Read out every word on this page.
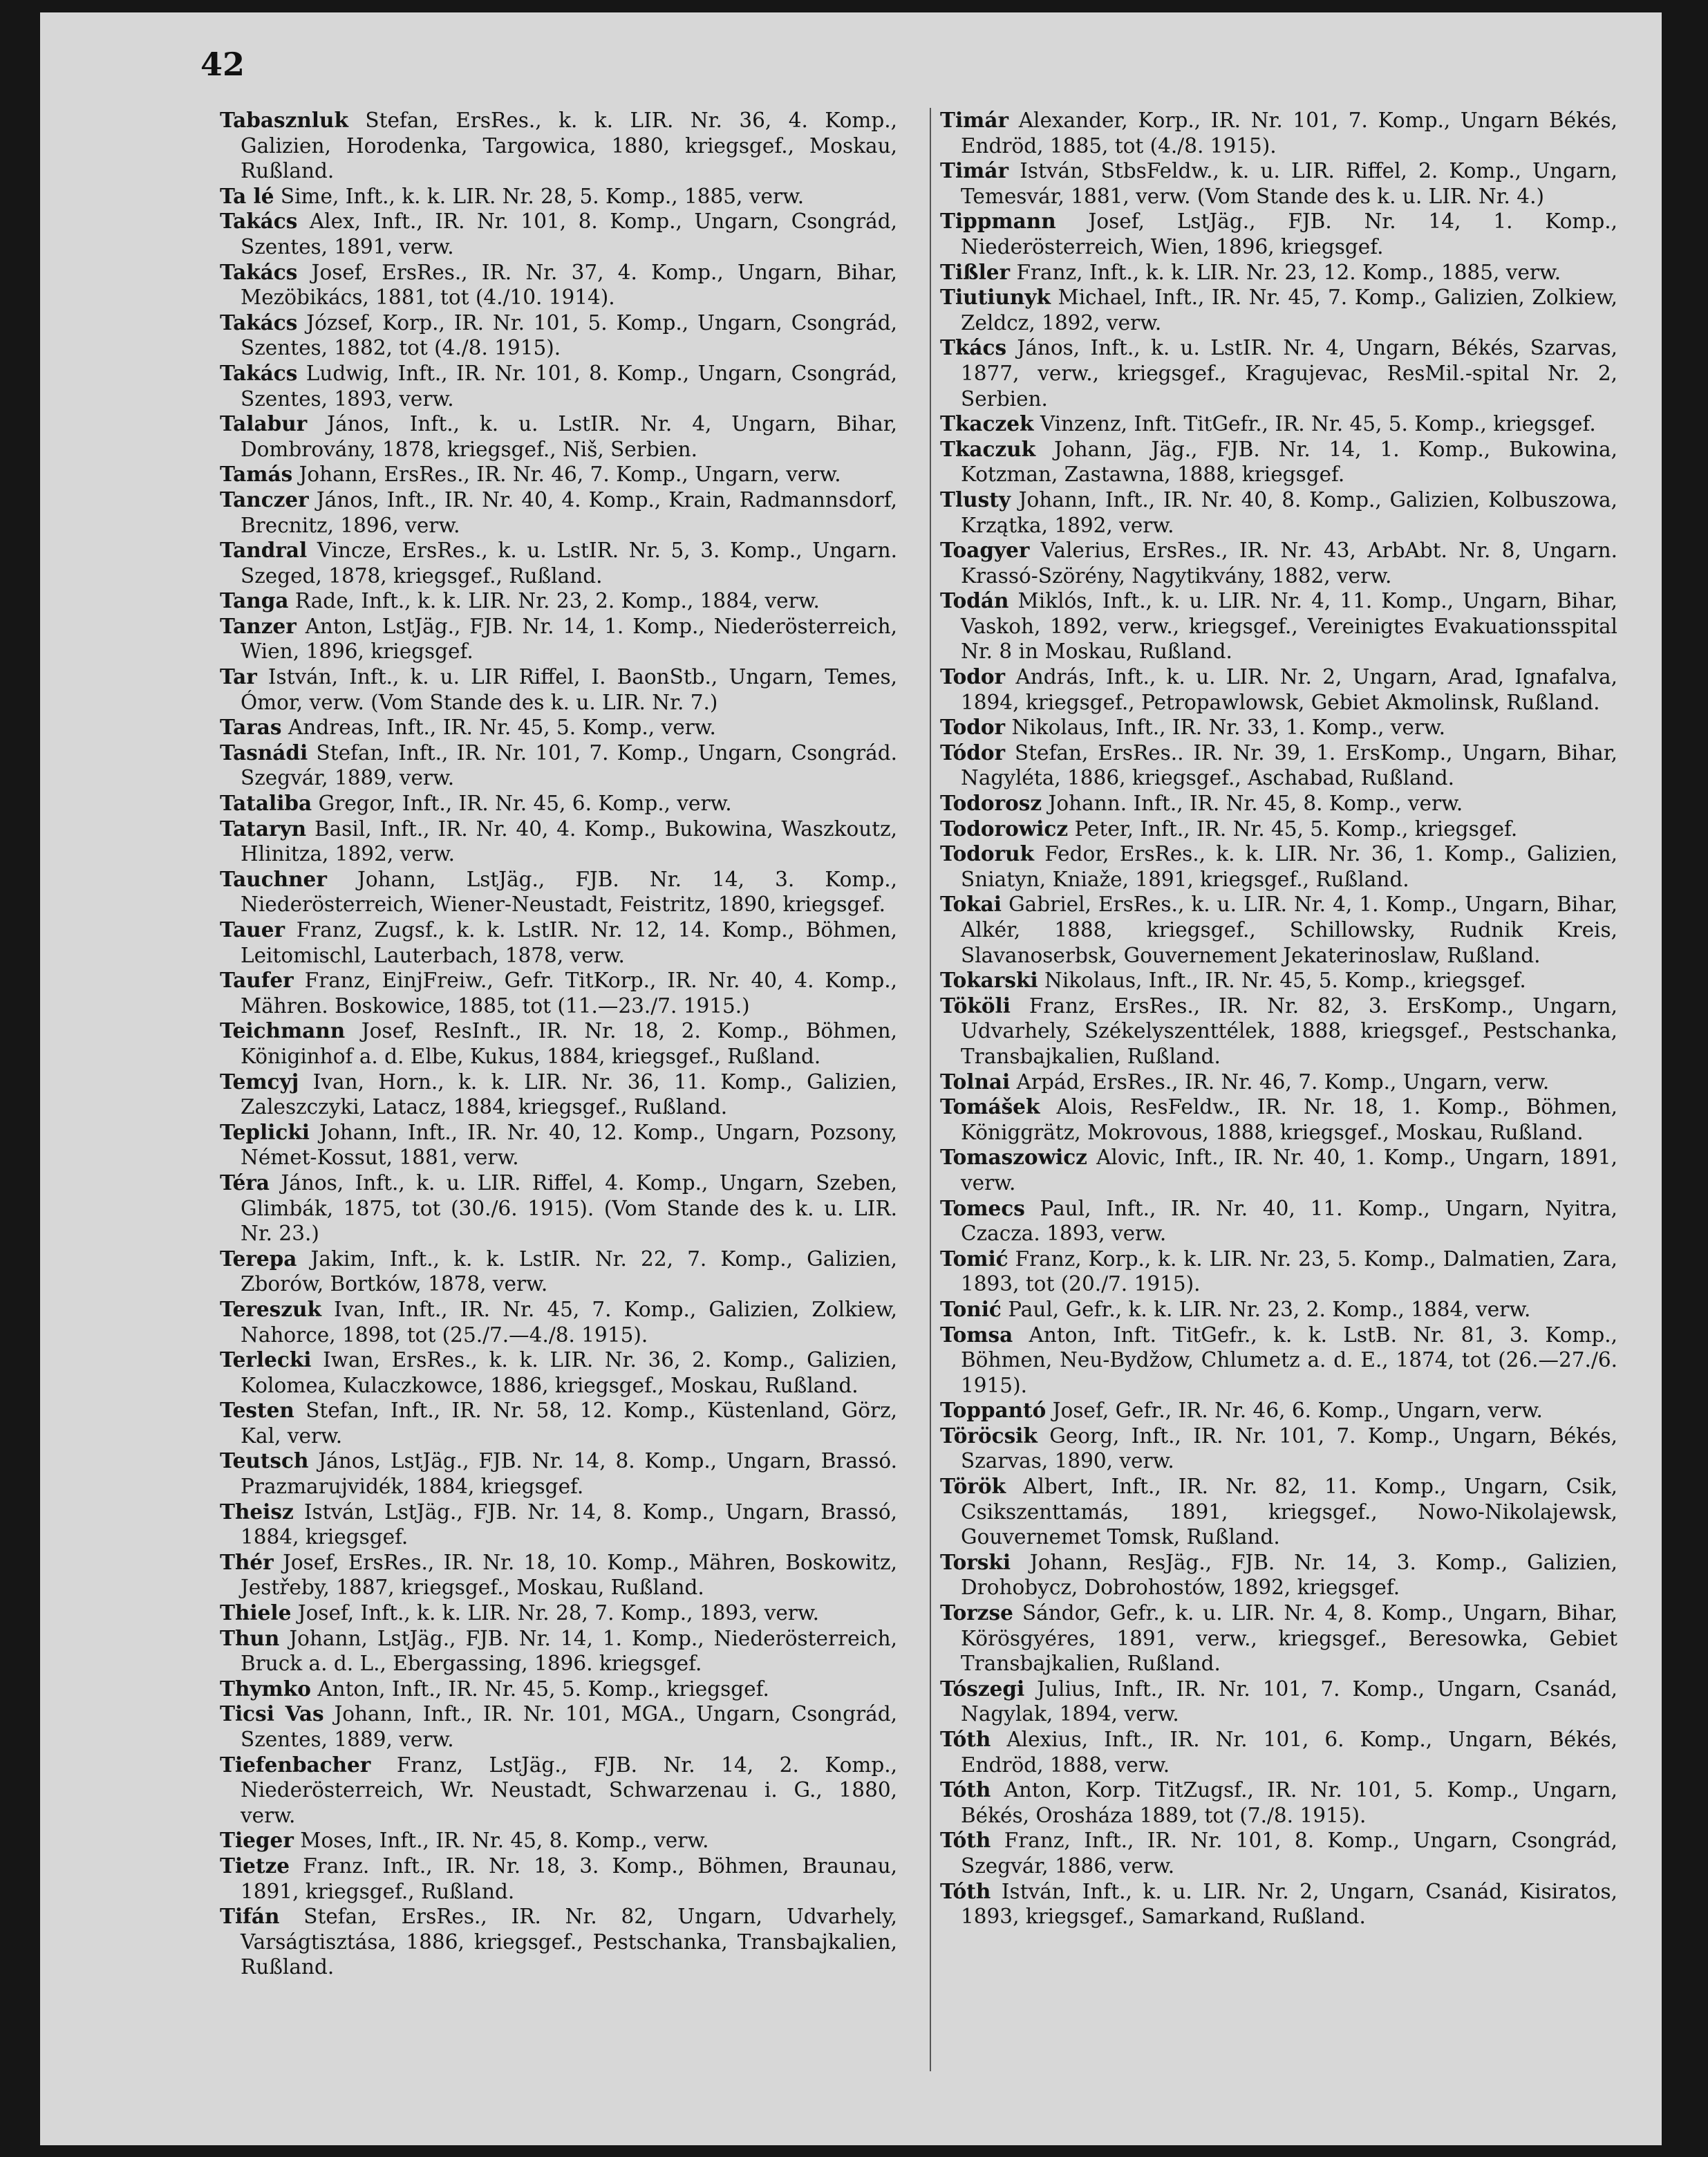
42

Tabasznluk Stefan, ErsRes., k. k. LIR. Nr. 36, 4. Komp., Galizien, Horodenka, Targowica, 1880, kriegsgef., Moskau, Rußland.

Ta lé Sime, Inft., k. k. LIR. Nr. 28, 5. Komp., 1885, verw.

Takács Alex, Inft., IR. Nr. 101, 8. Komp., Ungarn, Csongrád, Szentes, 1891, verw.

Takács Josef, ErsRes., IR. Nr. 37, 4. Komp., Ungarn, Bihar, Mezöbikács, 1881, tot (4./10. 1914).

Takács József, Korp., IR. Nr. 101, 5. Komp., Ungarn, Csongrád, Szentes, 1882, tot (4./8. 1915).

Takács Ludwig, Inft., IR. Nr. 101, 8. Komp., Ungarn, Csongrád, Szentes, 1893, verw.

Talabur János, Inft., k. u. LstIR. Nr. 4, Ungarn, Bihar, Dombrovány, 1878, kriegsgef., Niš, Serbien.

Tamás Johann, ErsRes., IR. Nr. 46, 7. Komp., Ungarn, verw.

Tanczer János, Inft., IR. Nr. 40, 4. Komp., Krain, Radmannsdorf, Brecnitz, 1896, verw.

Tandral Vincze, ErsRes., k. u. LstIR. Nr. 5, 3. Komp., Ungarn. Szeged, 1878, kriegsgef., Rußland.

Tanga Rade, Inft., k. k. LIR. Nr. 23, 2. Komp., 1884, verw.

Tanzer Anton, LstJäg., FJB. Nr. 14, 1. Komp., Niederösterreich, Wien, 1896, kriegsgef.

Tar István, Inft., k. u. LIR Riffel, I. BaonStb., Ungarn, Temes, Ómor, verw. (Vom Stande des k. u. LIR. Nr. 7.)

Taras Andreas, Inft., IR. Nr. 45, 5. Komp., verw.

Tasnádi Stefan, Inft., IR. Nr. 101, 7. Komp., Ungarn, Csongrád. Szegvár, 1889, verw.

Tataliba Gregor, Inft., IR. Nr. 45, 6. Komp., verw.

Tataryn Basil, Inft., IR. Nr. 40, 4. Komp., Bukowina, Waszkoutz, Hlinitza, 1892, verw.

Tauchner Johann, LstJäg., FJB. Nr. 14, 3. Komp., Niederösterreich, Wiener-Neustadt, Feistritz, 1890, kriegsgef.

Tauer Franz, Zugsf., k. k. LstIR. Nr. 12, 14. Komp., Böhmen, Leitomischl, Lauterbach, 1878, verw.

Taufer Franz, EinjFreiw., Gefr. TitKorp., IR. Nr. 40, 4. Komp., Mähren. Boskowice, 1885, tot (11.—23./7. 1915.)

Teichmann Josef, ResInft., IR. Nr. 18, 2. Komp., Böhmen, Königinhof a. d. Elbe, Kukus, 1884, kriegsgef., Rußland.

Temcyj Ivan, Horn., k. k. LIR. Nr. 36, 11. Komp., Galizien, Zaleszczyki, Latacz, 1884, kriegsgef., Rußland.

Teplicki Johann, Inft., IR. Nr. 40, 12. Komp., Ungarn, Pozsony, Német-Kossut, 1881, verw.

Téra János, Inft., k. u. LIR. Riffel, 4. Komp., Ungarn, Szeben, Glimbák, 1875, tot (30./6. 1915). (Vom Stande des k. u. LIR. Nr. 23.)

Terepa Jakim, Inft., k. k. LstIR. Nr. 22, 7. Komp., Galizien, Zborów, Bortków, 1878, verw.

Tereszuk Ivan, Inft., IR. Nr. 45, 7. Komp., Galizien, Zolkiew, Nahorce, 1898, tot (25./7.—4./8. 1915).

Terlecki Iwan, ErsRes., k. k. LIR. Nr. 36, 2. Komp., Galizien, Kolomea, Kulaczkowce, 1886, kriegsgef., Moskau, Rußland.

Testen Stefan, Inft., IR. Nr. 58, 12. Komp., Küstenland, Görz, Kal, verw.

Teutsch János, LstJäg., FJB. Nr. 14, 8. Komp., Ungarn, Brassó. Prazmarujvidék, 1884, kriegsgef.

Theisz István, LstJäg., FJB. Nr. 14, 8. Komp., Ungarn, Brassó, 1884, kriegsgef.

Thér Josef, ErsRes., IR. Nr. 18, 10. Komp., Mähren, Boskowitz, Jestřeby, 1887, kriegsgef., Moskau, Rußland.

Thiele Josef, Inft., k. k. LIR. Nr. 28, 7. Komp., 1893, verw.

Thun Johann, LstJäg., FJB. Nr. 14, 1. Komp., Niederösterreich, Bruck a. d. L., Ebergassing, 1896. kriegsgef.

Thymko Anton, Inft., IR. Nr. 45, 5. Komp., kriegsgef.

Ticsi Vas Johann, Inft., IR. Nr. 101, MGA., Ungarn, Csongrád, Szentes, 1889, verw.

Tiefenbacher Franz, LstJäg., FJB. Nr. 14, 2. Komp., Niederösterreich, Wr. Neustadt, Schwarzenau i. G., 1880, verw.

Tieger Moses, Inft., IR. Nr. 45, 8. Komp., verw.

Tietze Franz. Inft., IR. Nr. 18, 3. Komp., Böhmen, Braunau, 1891, kriegsgef., Rußland.

Tifán Stefan, ErsRes., IR. Nr. 82, Ungarn, Udvarhely, Varságtisztása, 1886, kriegsgef., Pestschanka, Transbajkalien, Rußland.

Timár Alexander, Korp., IR. Nr. 101, 7. Komp., Ungarn Békés, Endröd, 1885, tot (4./8. 1915).

Timár István, StbsFeldw., k. u. LIR. Riffel, 2. Komp., Ungarn, Temesvár, 1881, verw. (Vom Stande des k. u. LIR. Nr. 4.)

Tippmann Josef, LstJäg., FJB. Nr. 14, 1. Komp., Niederösterreich, Wien, 1896, kriegsgef.

Tißler Franz, Inft., k. k. LIR. Nr. 23, 12. Komp., 1885, verw.

Tiutiunyk Michael, Inft., IR. Nr. 45, 7. Komp., Galizien, Zolkiew, Zeldcz, 1892, verw.

Tkács János, Inft., k. u. LstIR. Nr. 4, Ungarn, Békés, Szarvas, 1877, verw., kriegsgef., Kragujevac, ResMil.-spital Nr. 2, Serbien.

Tkaczek Vinzenz, Inft. TitGefr., IR. Nr. 45, 5. Komp., kriegsgef.

Tkaczuk Johann, Jäg., FJB. Nr. 14, 1. Komp., Bukowina, Kotzman, Zastawna, 1888, kriegsgef.

Tlusty Johann, Inft., IR. Nr. 40, 8. Komp., Galizien, Kolbuszowa, Krzątka, 1892, verw.

Toagyer Valerius, ErsRes., IR. Nr. 43, ArbAbt. Nr. 8, Ungarn. Krassó-Szörény, Nagytikvány, 1882, verw.

Todán Miklós, Inft., k. u. LIR. Nr. 4, 11. Komp., Ungarn, Bihar, Vaskoh, 1892, verw., kriegsgef., Vereinigtes Evakuationsspital Nr. 8 in Moskau, Rußland.

Todor András, Inft., k. u. LIR. Nr. 2, Ungarn, Arad, Ignafalva, 1894, kriegsgef., Petropawlowsk, Gebiet Akmolinsk, Rußland.

Todor Nikolaus, Inft., IR. Nr. 33, 1. Komp., verw.

Tódor Stefan, ErsRes.. IR. Nr. 39, 1. ErsKomp., Ungarn, Bihar, Nagyléta, 1886, kriegsgef., Aschabad, Rußland.

Todorosz Johann. Inft., IR. Nr. 45, 8. Komp., verw.

Todorowicz Peter, Inft., IR. Nr. 45, 5. Komp., kriegsgef.

Todoruk Fedor, ErsRes., k. k. LIR. Nr. 36, 1. Komp., Galizien, Sniatyn, Kniaže, 1891, kriegsgef., Rußland.

Tokai Gabriel, ErsRes., k. u. LIR. Nr. 4, 1. Komp., Ungarn, Bihar, Alkér, 1888, kriegsgef., Schillowsky, Rudnik Kreis, Slavanoserbsk, Gouvernement Jekaterinoslaw, Rußland.

Tokarski Nikolaus, Inft., IR. Nr. 45, 5. Komp., kriegsgef.

Tököli Franz, ErsRes., IR. Nr. 82, 3. ErsKomp., Ungarn, Udvarhely, Székelyszenttélek, 1888, kriegsgef., Pestschanka, Transbajkalien, Rußland.

Tolnai Arpád, ErsRes., IR. Nr. 46, 7. Komp., Ungarn, verw.

Tomášek Alois, ResFeldw., IR. Nr. 18, 1. Komp., Böhmen, Königgrätz, Mokrovous, 1888, kriegsgef., Moskau, Rußland.

Tomaszowicz Alovic, Inft., IR. Nr. 40, 1. Komp., Ungarn, 1891, verw.

Tomecs Paul, Inft., IR. Nr. 40, 11. Komp., Ungarn, Nyitra, Czacza. 1893, verw.

Tomić Franz, Korp., k. k. LIR. Nr. 23, 5. Komp., Dalmatien, Zara, 1893, tot (20./7. 1915).

Tonić Paul, Gefr., k. k. LIR. Nr. 23, 2. Komp., 1884, verw.

Tomsa Anton, Inft. TitGefr., k. k. LstB. Nr. 81, 3. Komp., Böhmen, Neu-Bydžow, Chlumetz a. d. E., 1874, tot (26.—27./6. 1915).

Toppantó Josef, Gefr., IR. Nr. 46, 6. Komp., Ungarn, verw.

Töröcsik Georg, Inft., IR. Nr. 101, 7. Komp., Ungarn, Békés, Szarvas, 1890, verw.

Török Albert, Inft., IR. Nr. 82, 11. Komp., Ungarn, Csik, Csikszenttamás, 1891, kriegsgef., Nowo-Nikolajewsk, Gouvernemet Tomsk, Rußland.

Torski Johann, ResJäg., FJB. Nr. 14, 3. Komp., Galizien, Drohobycz, Dobrohostów, 1892, kriegsgef.

Torzse Sándor, Gefr., k. u. LIR. Nr. 4, 8. Komp., Ungarn, Bihar, Körösgyéres, 1891, verw., kriegsgef., Beresowka, Gebiet Transbajkalien, Rußland.

Tószegi Julius, Inft., IR. Nr. 101, 7. Komp., Ungarn, Csanád, Nagylak, 1894, verw.

Tóth Alexius, Inft., IR. Nr. 101, 6. Komp., Ungarn, Békés, Endröd, 1888, verw.

Tóth Anton, Korp. TitZugsf., IR. Nr. 101, 5. Komp., Ungarn, Békés, Orosháza 1889, tot (7./8. 1915).

Tóth Franz, Inft., IR. Nr. 101, 8. Komp., Ungarn, Csongrád, Szegvár, 1886, verw.

Tóth István, Inft., k. u. LIR. Nr. 2, Ungarn, Csanád, Kisiratos, 1893, kriegsgef., Samarkand, Rußland.
